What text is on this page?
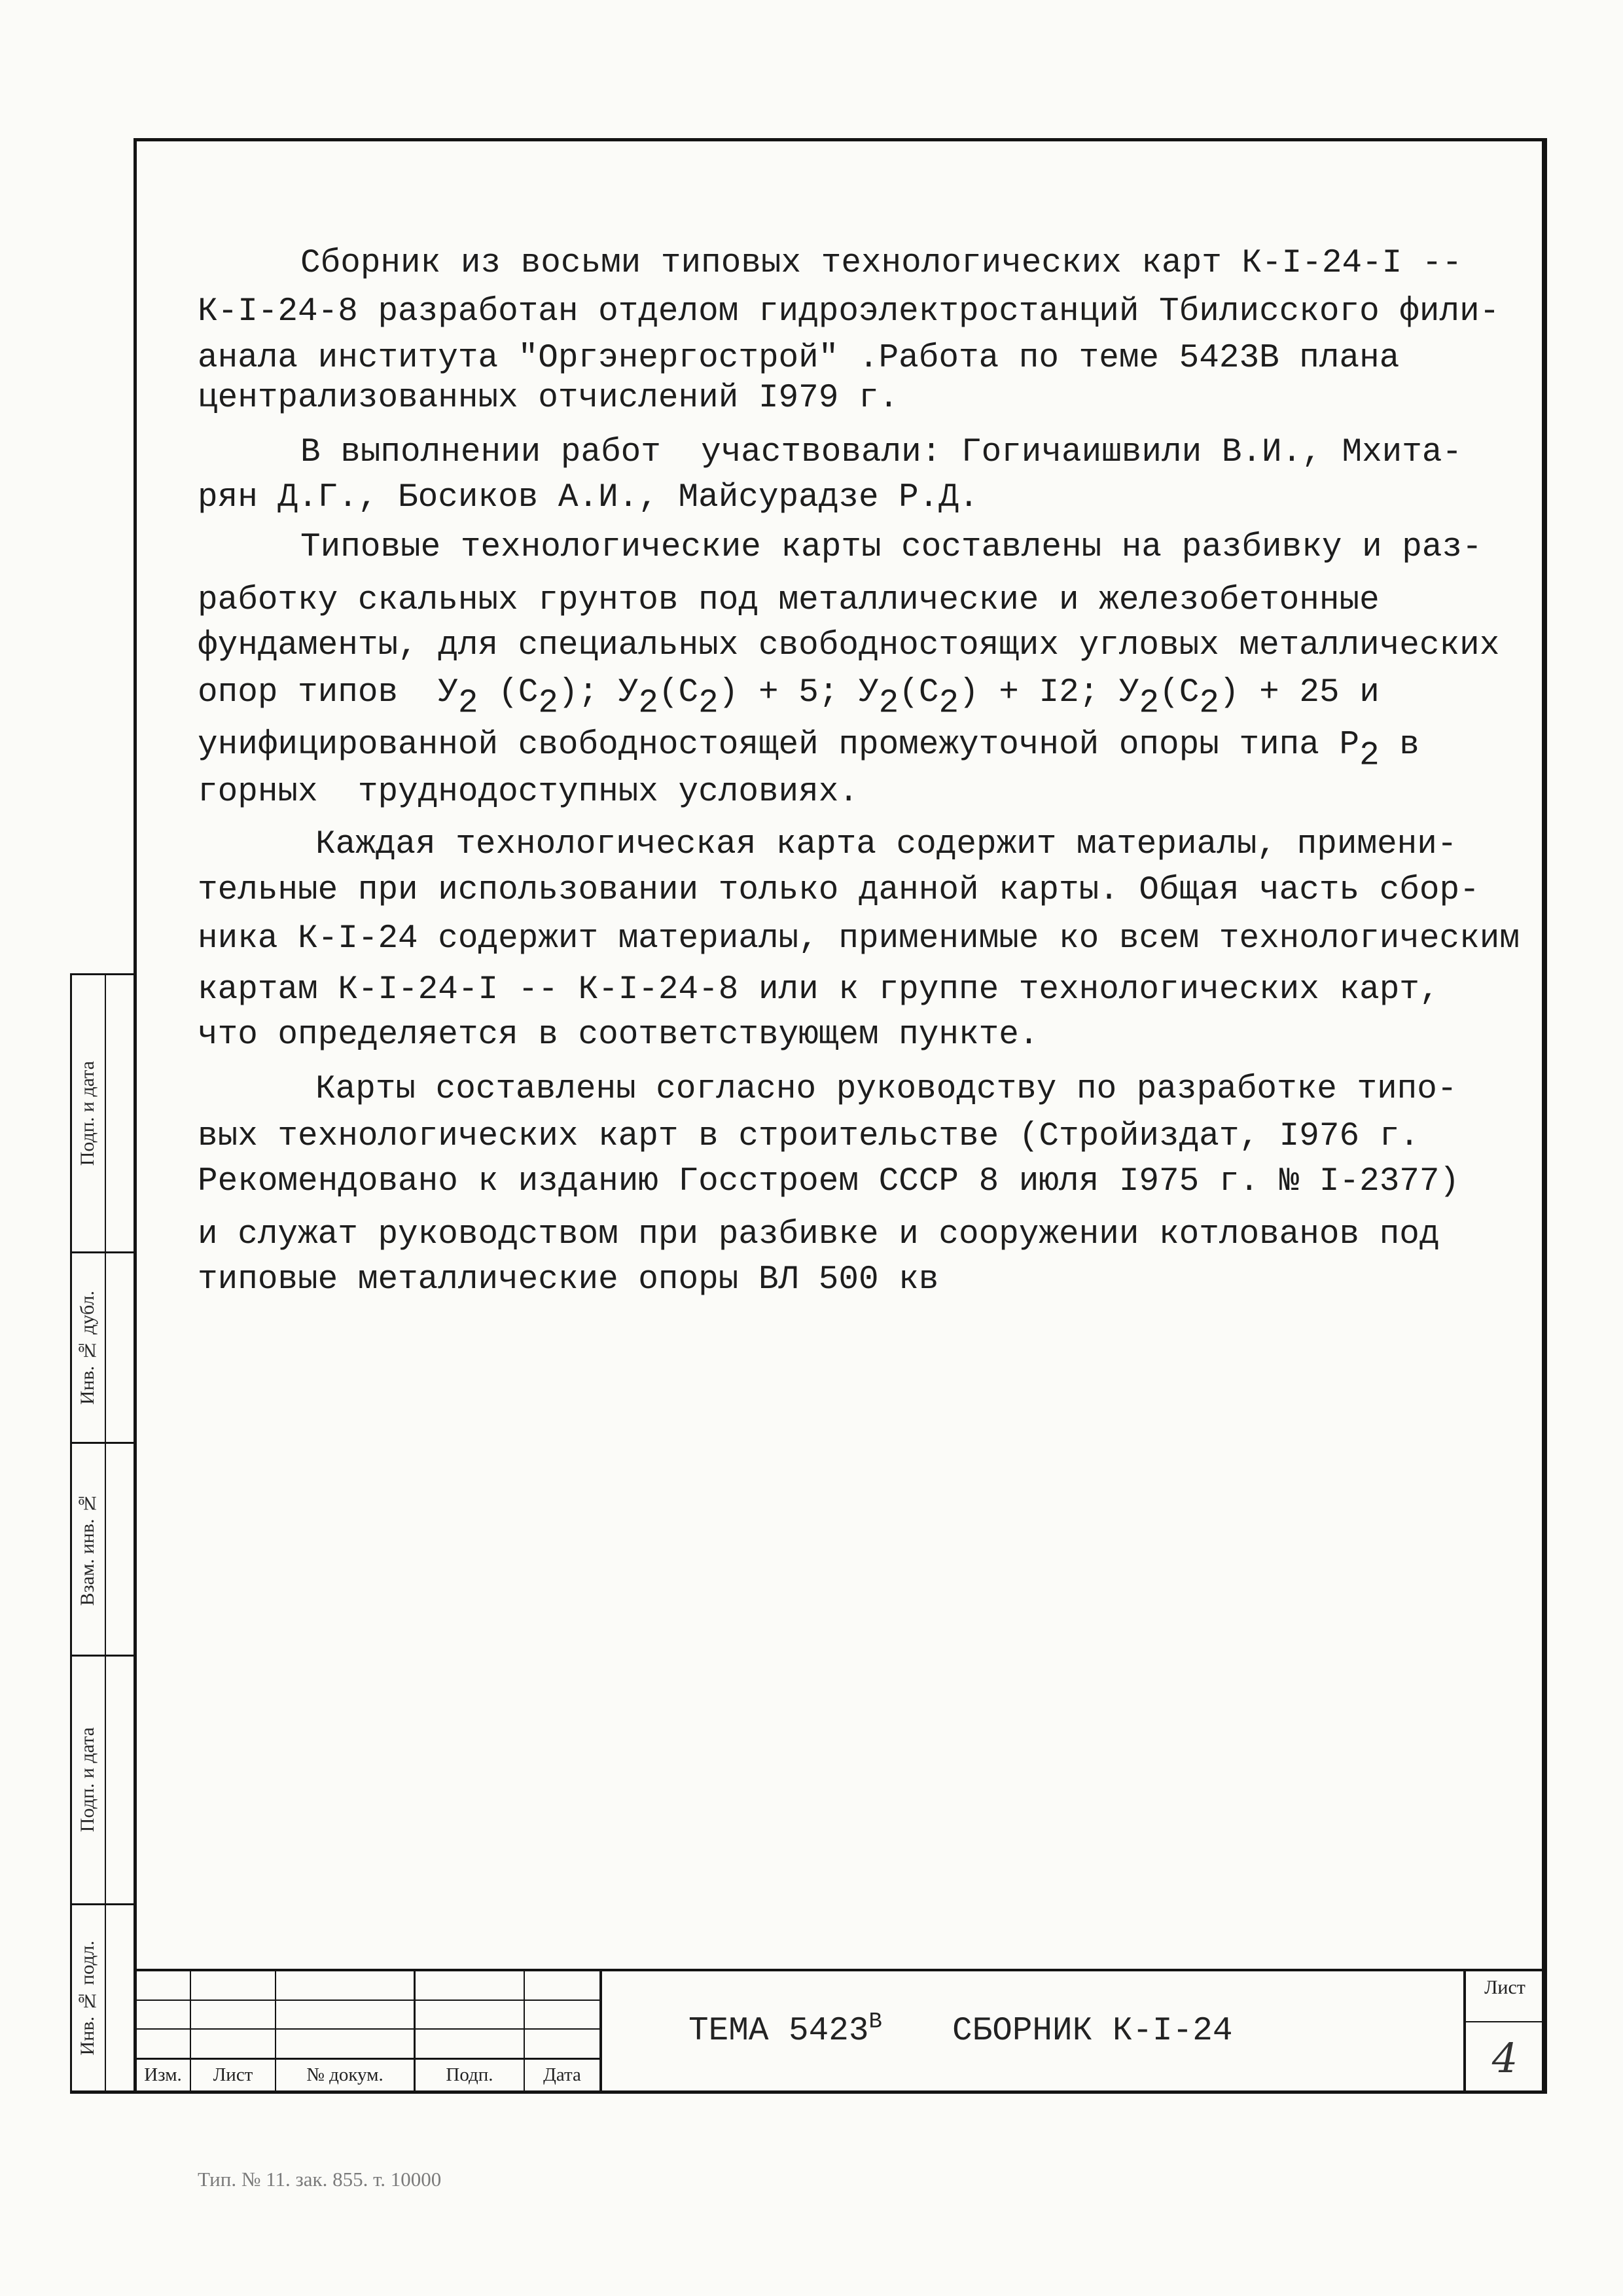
Сборник из восьми типовых технологических карт К-I-24-I --
К-I-24-8 разработан отделом гидроэлектростанций Тбилисского фили-
анала института "Оргэнергострой" .Работа по теме 5423В плана
централизованных отчислений I979 г.
В выполнении работ  участвовали: Гогичаишвили В.И., Мхита-
рян Д.Г., Босиков А.И., Майсурадзе Р.Д.
Типовые технологические карты составлены на разбивку и раз-
работку скальных грунтов под металлические и железобетонные
фундаменты, для специальных свободностоящих угловых металлических
опор типов  $У_2$ $(С_2)$; $У_2(С_2) + 5$; $У_2(С_2) + I2$; $У_2(С_2) + 25$ и
унифицированной свободностоящей промежуточной опоры типа $Р_2$ в
горных  труднодоступных условиях.
Каждая технологическая карта содержит материалы, примени-
тельные при использовании только данной карты. Общая часть сбор-
ника К-I-24 содержит материалы, применимые ко всем технологическим
картам К-I-24-I -- К-I-24-8 или к группе технологических карт,
что определяется в соответствующем пункте.
Карты составлены согласно руководству по разработке типо-
вых технологических карт в строительстве (Стройиздат, I976 г.
Рекомендовано к изданию Госстроем СССР 8 июля I975 г. № I-2377)
и служат руководством при разбивке и сооружении котлованов под
типовые металлические опоры ВЛ 500 кв
Подп. и дата
Инв. № дубл.
Взам. инв. №
Подп. и дата
Инв. № подл.
Изм.	Лист	№ докум.	Подп.	Дата
ТЕМА $5423^В$ СБОРНИК К-I-24
Лист
4
Тип. № 11. зак. 855. т. 10000
